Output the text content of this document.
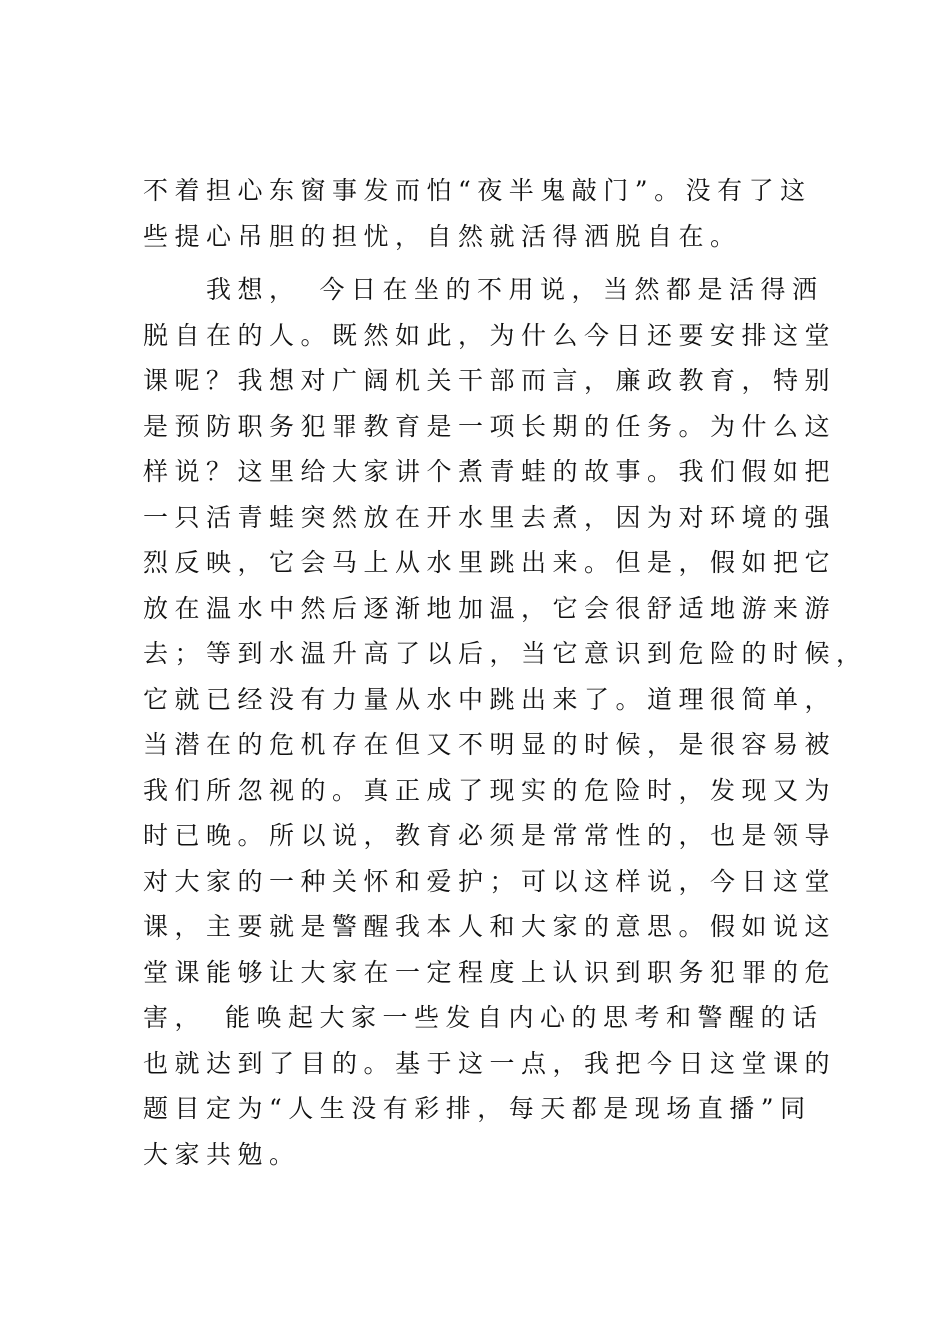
不着担心东窗事发而怕“夜半鬼敲门”。没有了这
些提心吊胆的担忧，自然就活得洒脱自在。
　　我想，　今日在坐的不用说，当然都是活得洒
脱自在的人。既然如此，为什么今日还要安排这堂
课呢？我想对广阔机关干部而言，廉政教育，特别
是预防职务犯罪教育是一项长期的任务。为什么这
样说？这里给大家讲个煮青蛙的故事。我们假如把
一只活青蛙突然放在开水里去煮，因为对环境的强
烈反映，它会马上从水里跳出来。但是，假如把它
放在温水中然后逐渐地加温，它会很舒适地游来游
去；等到水温升高了以后，当它意识到危险的时候，
它就已经没有力量从水中跳出来了。道理很简单，
当潜在的危机存在但又不明显的时候，是很容易被
我们所忽视的。真正成了现实的危险时，发现又为
时已晚。所以说，教育必须是常常性的，也是领导
对大家的一种关怀和爱护；可以这样说，今日这堂
课，主要就是警醒我本人和大家的意思。假如说这
堂课能够让大家在一定程度上认识到职务犯罪的危
害，　能唤起大家一些发自内心的思考和警醒的话
也就达到了目的。基于这一点，我把今日这堂课的
题目定为“人生没有彩排，每天都是现场直播”同
大家共勉。
